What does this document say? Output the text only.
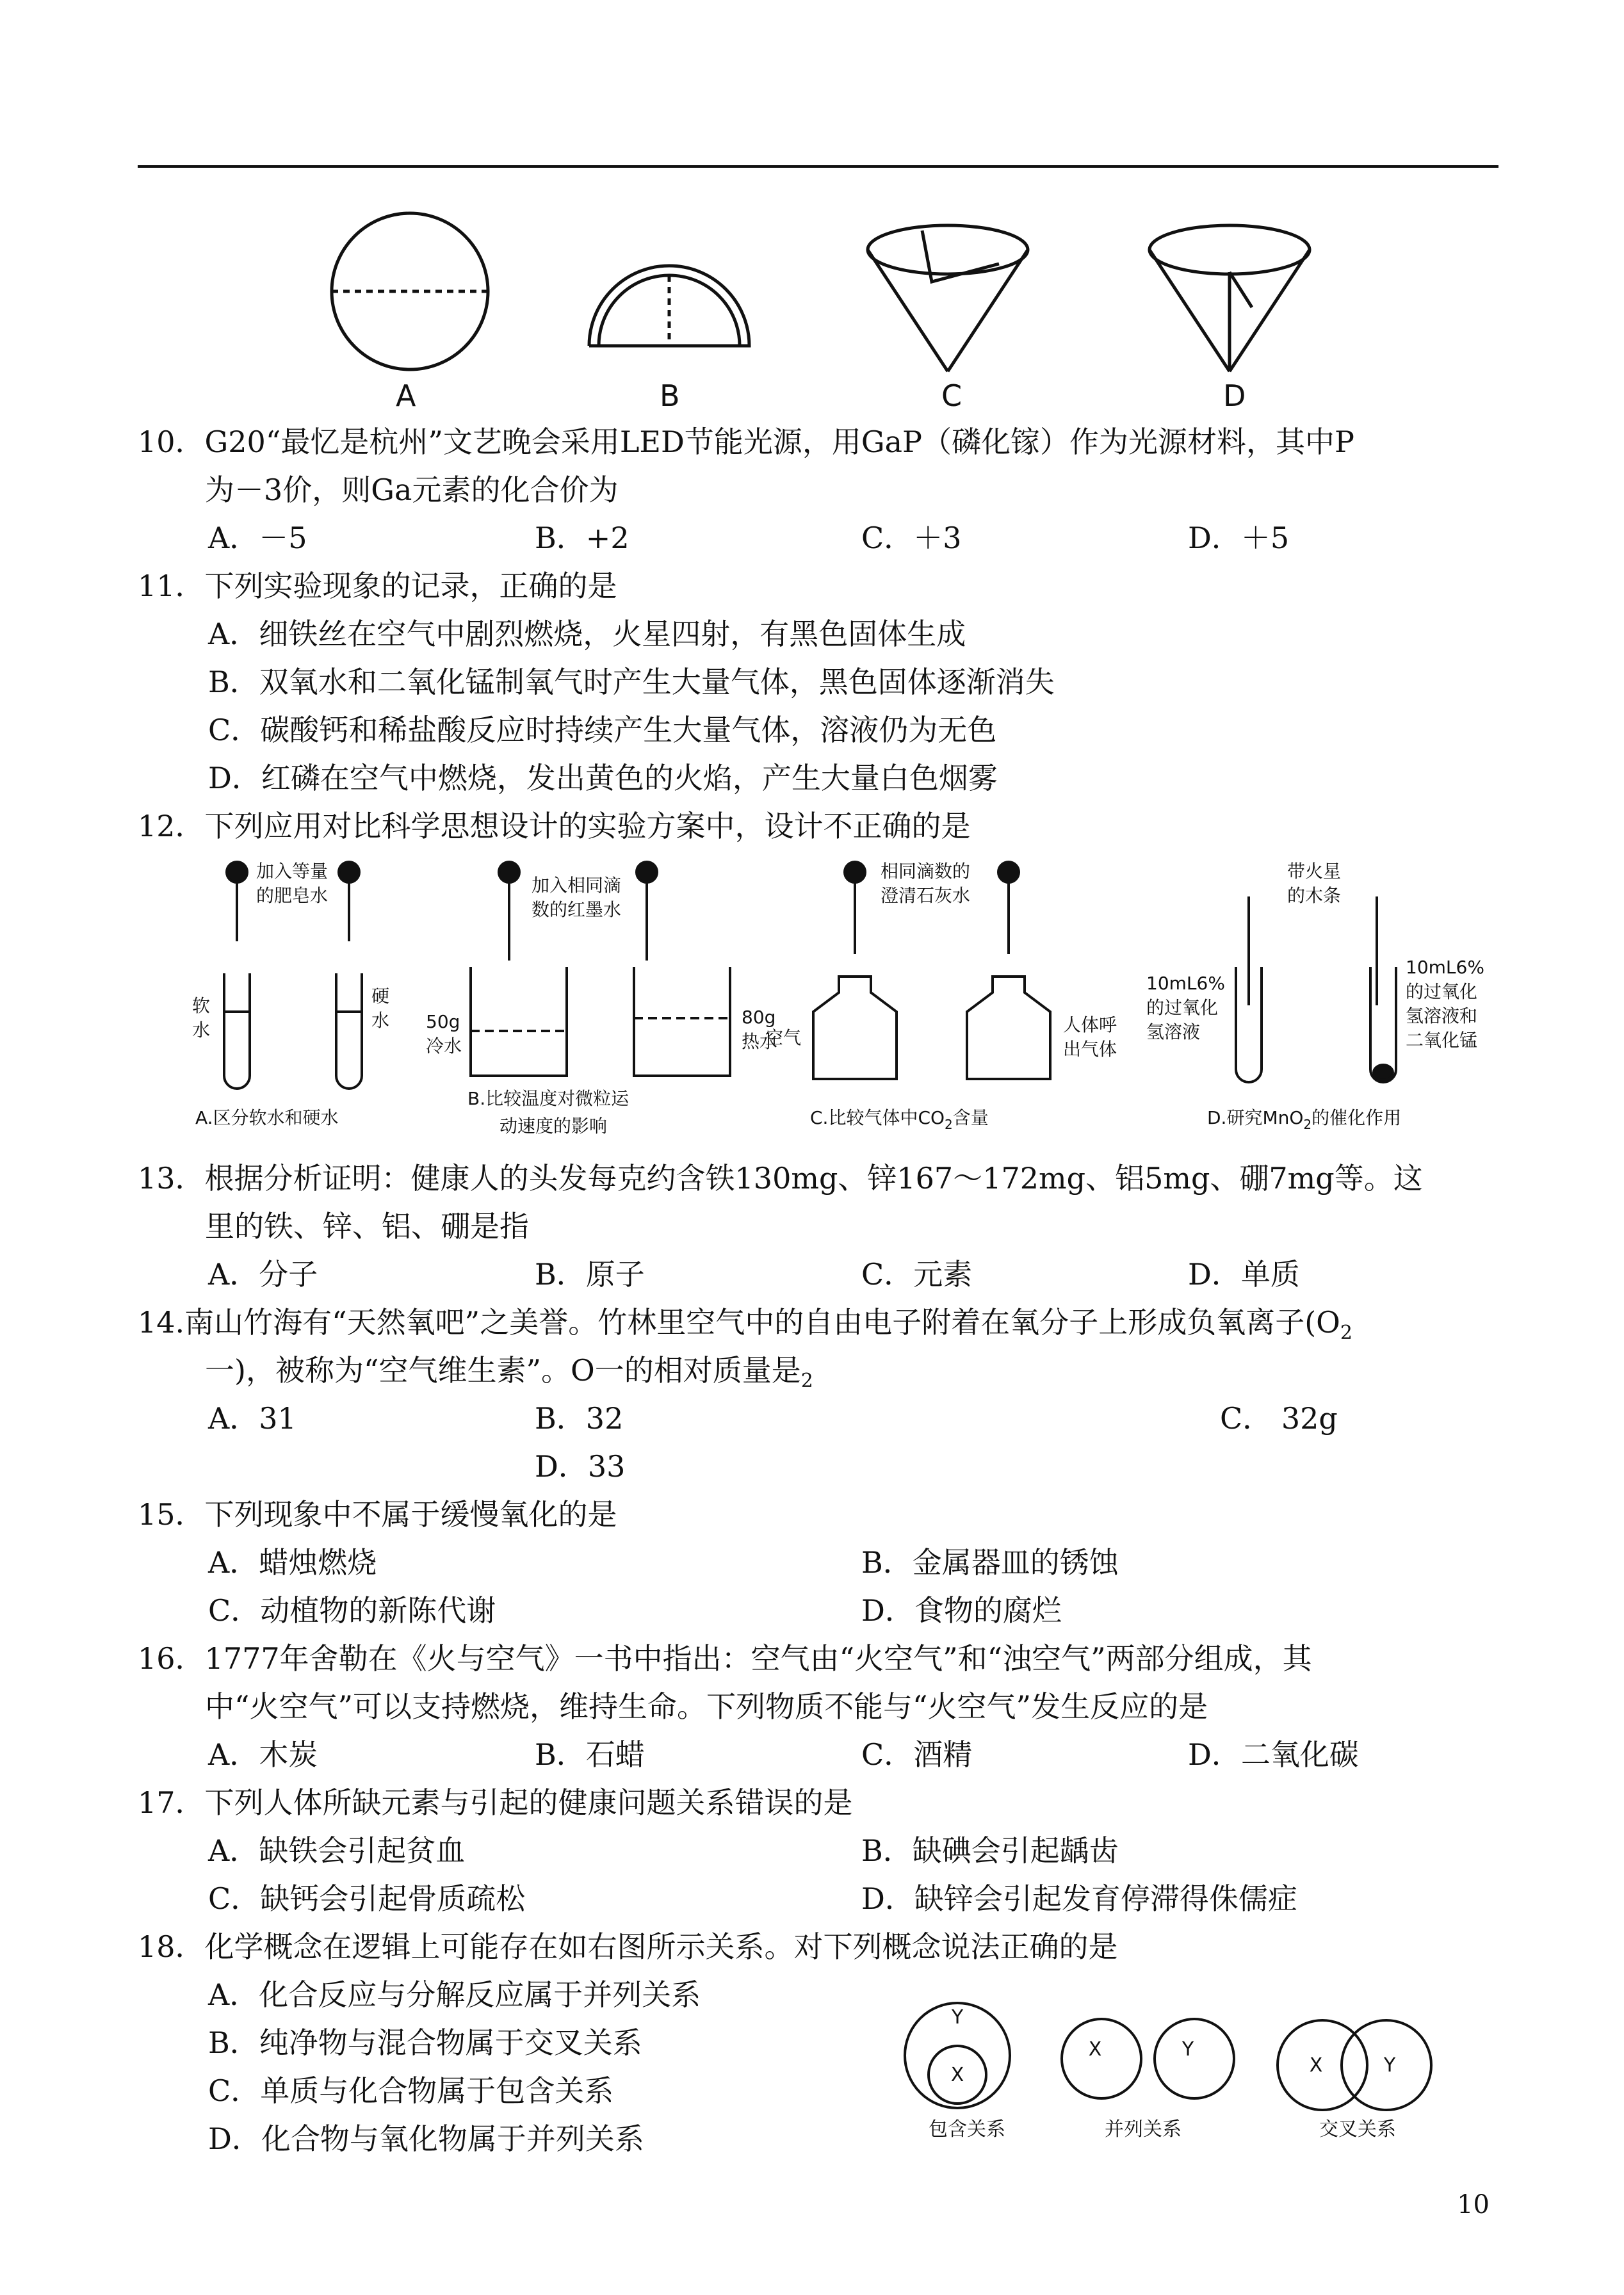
A	B	C	D
10．G20“最忆是杭州”文艺晚会采用LED节能光源，用GaP（磷化镓）作为光源材料，其中P
为－3价，则Ga元素的化合价为
A．－5	B．+2	C．＋3	D．＋5
11．下列实验现象的记录，正确的是
A．细铁丝在空气中剧烈燃烧，火星四射，有黑色固体生成
B．双氧水和二氧化锰制氧气时产生大量气体，黑色固体逐渐消失
C．碳酸钙和稀盐酸反应时持续产生大量气体，溶液仍为无色
D．红磷在空气中燃烧，发出黄色的火焰，产生大量白色烟雾
12．下列应用对比科学思想设计的实验方案中，设计不正确的是
加入等量
的肥皂水
软
水
硬
水
A.区分软水和硬水
加入相同滴
数的红墨水
50g
冷水
80g
热水
B.比较温度对微粒运
动速度的影响
相同滴数的
澄清石灰水
空气
人体呼
出气体
C.比较气体中$CO_2$含量
带火星
的木条
10mL6%
的过氧化
氢溶液
10mL6%
的过氧化
氢溶液和
二氧化锰
D.研究MnO$_2$的催化作用
13．根据分析证明：健康人的头发每克约含铁130mg、锌167～172mg、铝5mg、硼7mg等。这
里的铁、锌、铝、硼是指
A．分子	B．原子	C．元素	D．单质
14.南山竹海有“天然氧吧”之美誉。竹林里空气中的自由电子附着在氧分子上形成负氧离子($O_2$
一)，被称为“空气维生素”。O一的相对质量是$_2$
A．31	B．32	C． 32g
D．33
15．下列现象中不属于缓慢氧化的是
A．蜡烛燃烧	B．金属器皿的锈蚀
C．动植物的新陈代谢	D．食物的腐烂
16．1777年舍勒在《火与空气》一书中指出：空气由“火空气”和“浊空气”两部分组成，其
中“火空气”可以支持燃烧，维持生命。下列物质不能与“火空气”发生反应的是
A．木炭	B．石蜡	C．酒精	D．二氧化碳
17．下列人体所缺元素与引起的健康问题关系错误的是
A．缺铁会引起贫血	B．缺碘会引起龋齿
C．缺钙会引起骨质疏松	D．缺锌会引起发育停滞得侏儒症
18．化学概念在逻辑上可能存在如右图所示关系。对下列概念说法正确的是
A．化合反应与分解反应属于并列关系
B．纯净物与混合物属于交叉关系
C．单质与化合物属于包含关系
D．化合物与氧化物属于并列关系
Y
X
X	Y
X	Y
包含关系	并列关系	交叉关系
10
